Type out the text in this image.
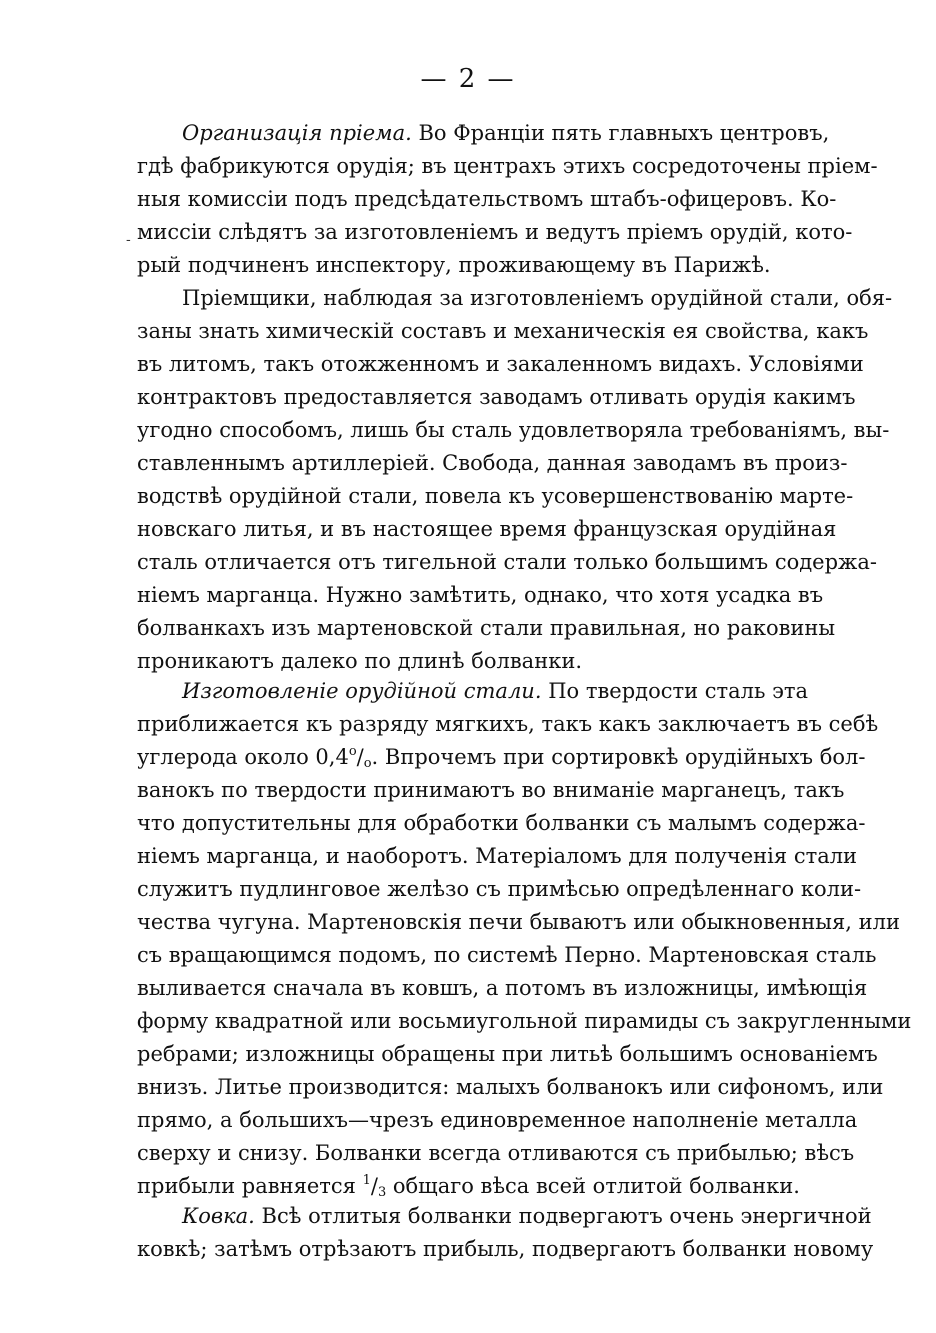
— 2 —
-
Организація пріема. Во Франціи пять главныхъ центровъ,
гдѣ фабрикуются орудія; въ центрахъ этихъ сосредоточены пріем-
ныя комиссіи подъ предсѣдательствомъ штабъ-офицеровъ. Ко-
миссіи слѣдятъ за изготовленіемъ и ведутъ пріемъ орудій, кото-
рый подчиненъ инспектору, проживающему въ Парижѣ.
Пріемщики, наблюдая за изготовленіемъ орудійной стали, обя-
заны знать химическій составъ и механическія ея свойства, какъ
въ литомъ, такъ отожженномъ и закаленномъ видахъ. Условіями
контрактовъ предоставляется заводамъ отливать орудія какимъ
угодно способомъ, лишь бы сталь удовлетворяла требованіямъ, вы-
ставленнымъ артиллеріей. Свобода, данная заводамъ въ произ-
водствѣ орудійной стали, повела къ усовершенствованію марте-
новскаго литья, и въ настоящее время французская орудійная
сталь отличается отъ тигельной стали только большимъ содержа-
ніемъ марганца. Нужно замѣтить, однако, что хотя усадка въ
болванкахъ изъ мартеновской стали правильная, но раковины
проникаютъ далеко по длинѣ болванки.
Изготовленіе орудійной стали. По твердости сталь эта
приближается къ разряду мягкихъ, такъ какъ заключаетъ въ себѣ
углерода около $0,4^о/о$. Впрочемъ при сортировкѣ орудійныхъ бол-
ванокъ по твердости принимаютъ во вниманіе марганецъ, такъ
что допустительны для обработки болванки съ малымъ содержа-
ніемъ марганца, и наоборотъ. Матеріаломъ для полученія стали
служитъ пудлинговое желѣзо съ примѣсью опредѣленнаго коли-
чества чугуна. Мартеновскія печи бываютъ или обыкновенныя, или
съ вращающимся подомъ, по системѣ Перно. Мартеновская сталь
выливается сначала въ ковшъ, а потомъ въ изложницы, имѣющія
форму квадратной или восьмиугольной пирамиды съ закругленными
ребрами; изложницы обращены при литьѣ большимъ основаніемъ
внизъ. Литье производится: малыхъ болванокъ или сифономъ, или
прямо, а большихъ—чрезъ единовременное наполненіе металла
сверху и снизу. Болванки всегда отливаются съ прибылью; вѣсъ
прибыли равняется $^1$/3 общаго вѣса всей отлитой болванки.
Ковка. Всѣ отлитыя болванки подвергаютъ очень энергичной
ковкѣ; затѣмъ отрѣзаютъ прибыль, подвергаютъ болванки новому
